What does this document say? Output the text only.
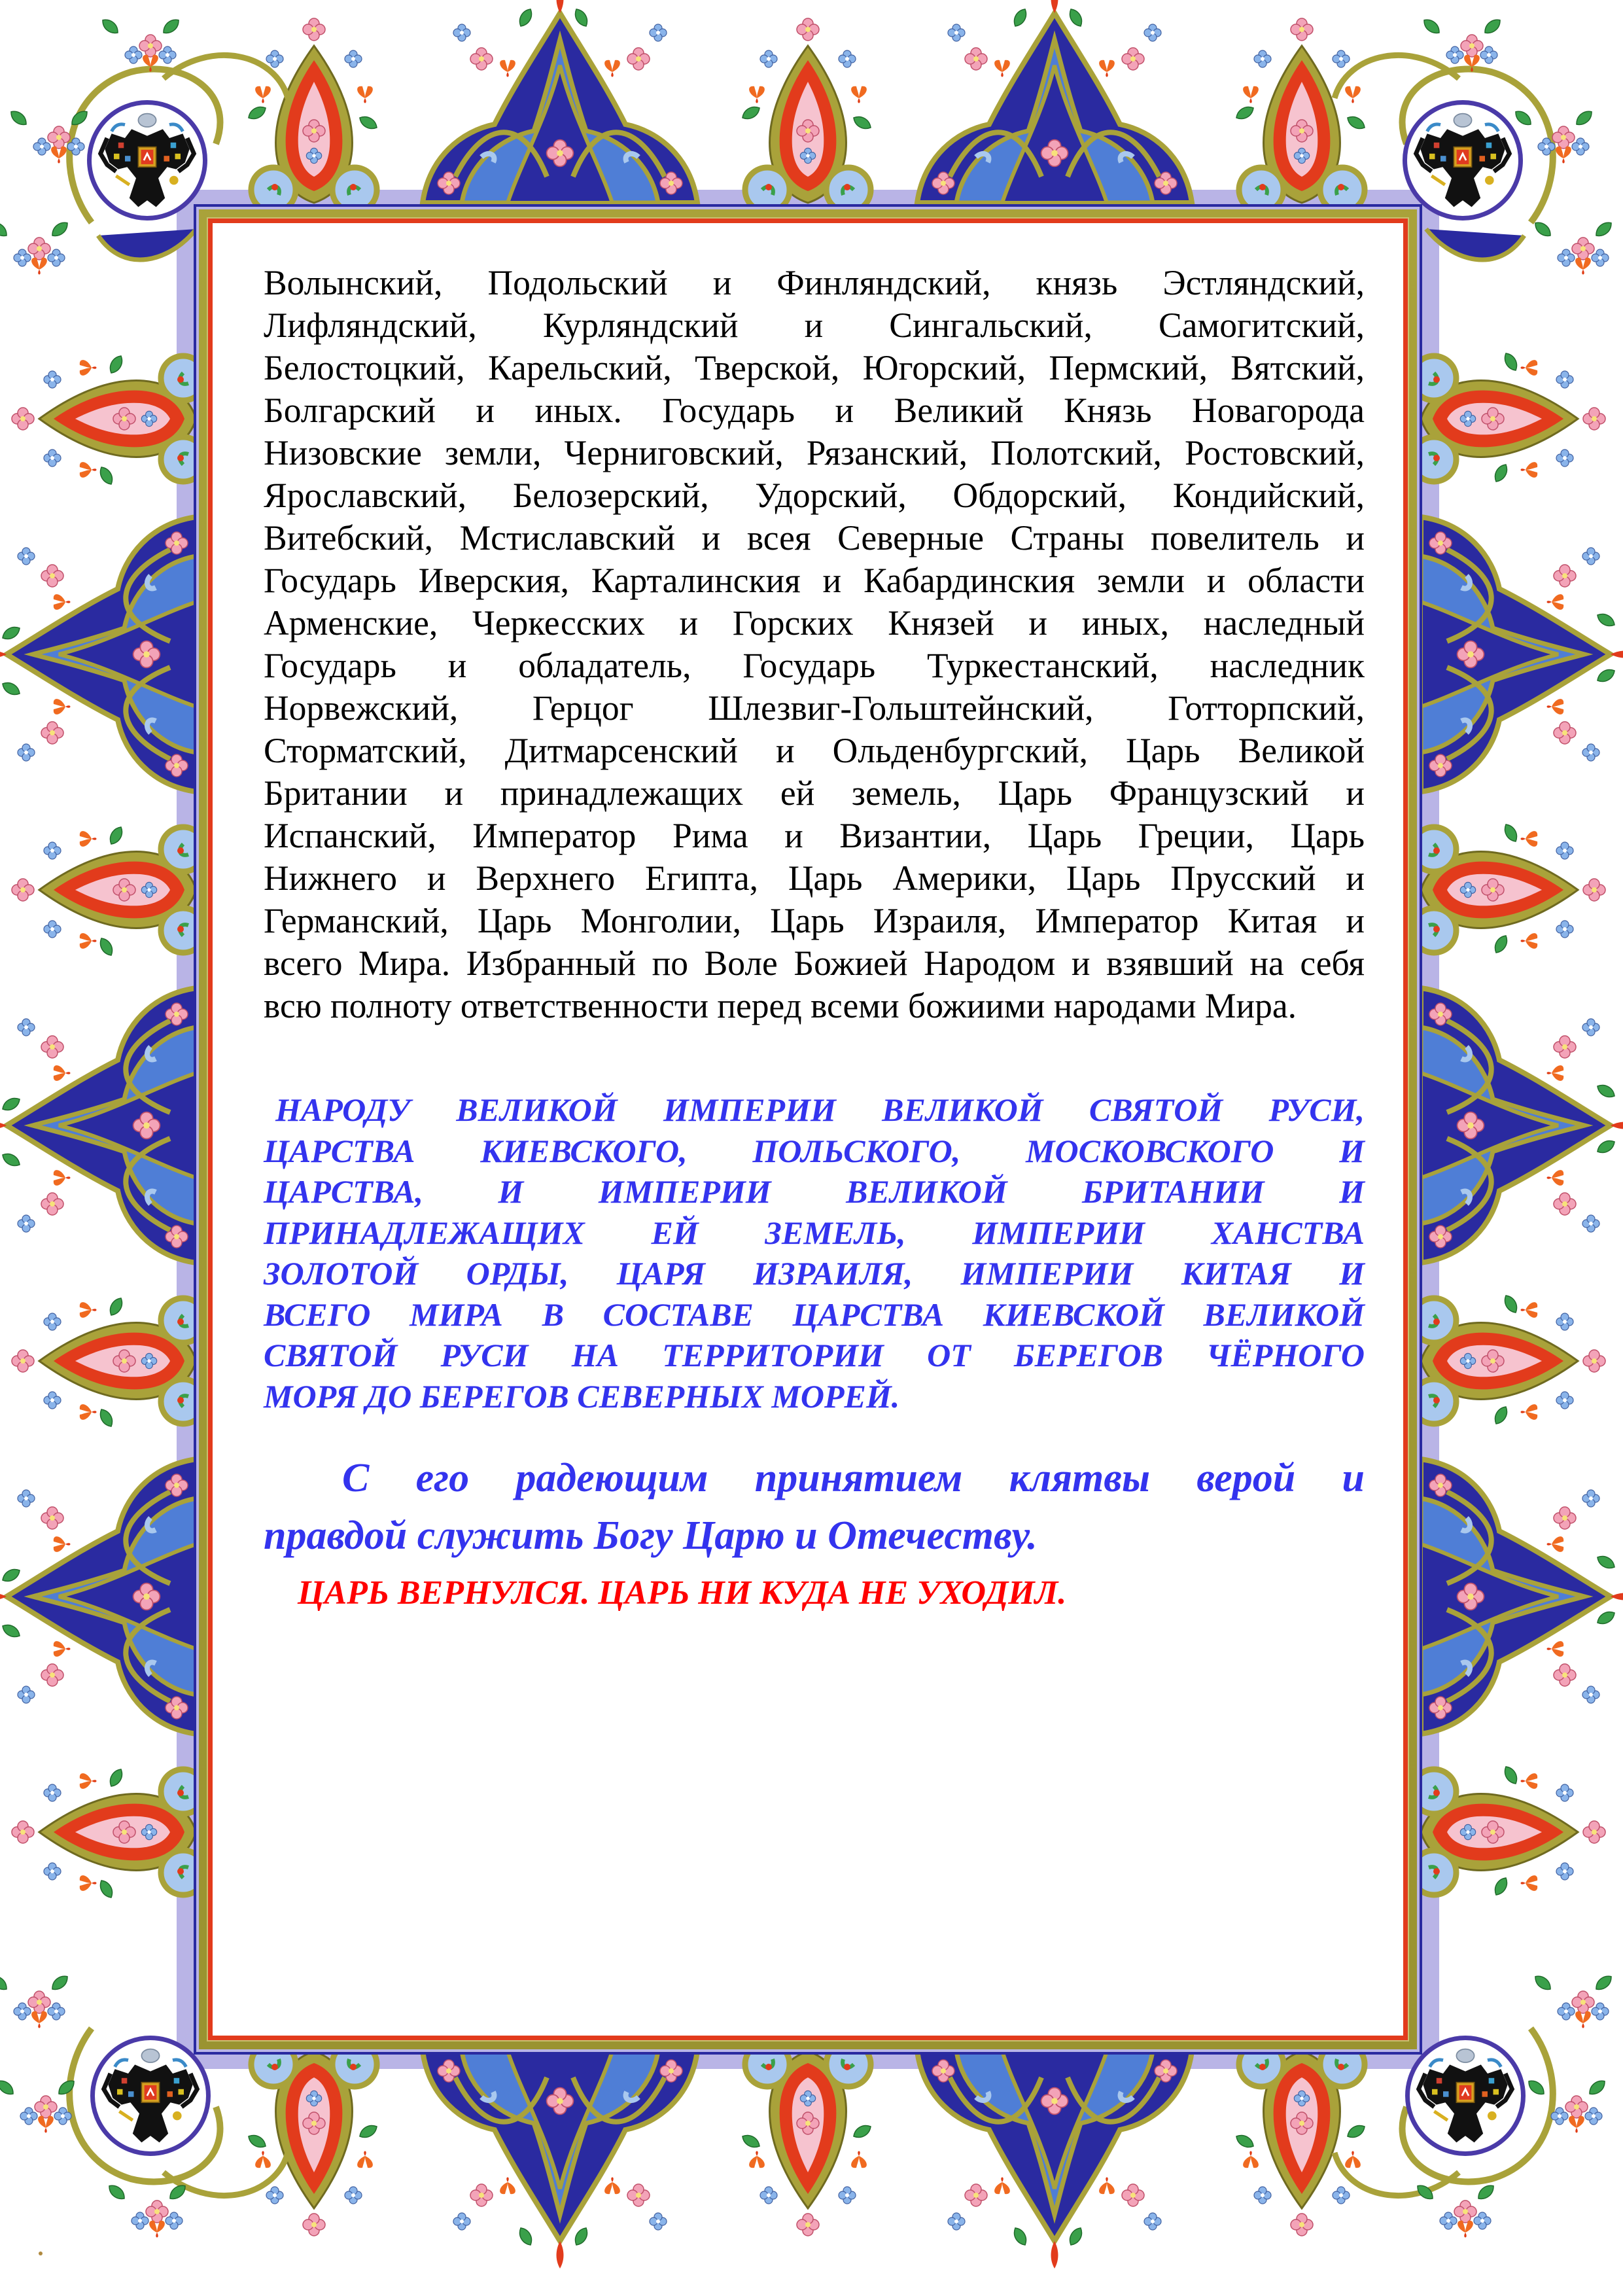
Волынский, Подольский и Финляндский, князь Эстляндский,
Лифляндский, Курляндский и Сингальский, Самогитский,
Белостоцкий, Карельский, Тверской, Югорский, Пермский, Вятский,
Болгарский и иных. Государь и Великий Князь Новагорода
Низовские земли, Черниговский, Рязанский, Полотский, Ростовский,
Ярославский, Белозерский, Удорский, Обдорский, Кондийский,
Витебский, Мстиславский и всея Северные Страны повелитель и
Государь Иверския, Карталинския и Кабардинския земли и области
Арменские, Черкесских и Горских Князей и иных, наследный
Государь и обладатель, Государь Туркестанский, наследник
Норвежский, Герцог Шлезвиг-Гольштейнский, Готторпский,
Сторматский, Дитмарсенский и Ольденбургский, Царь Великой
Британии и принадлежащих ей земель, Царь Французский и
Испанский, Император Рима и Византии, Царь Греции, Царь
Нижнего и Верхнего Египта, Царь Америки, Царь Прусский и
Германский, Царь Монголии, Царь Израиля, Император Китая и
всего Мира. Избранный по Воле Божией Народом и взявший на себя
всю полноту ответственности перед всеми божиими народами Мира.

НАРОДУ ВЕЛИКОЙ ИМПЕРИИ ВЕЛИКОЙ СВЯТОЙ РУСИ,
ЦАРСТВА КИЕВСКОГО, ПОЛЬСКОГО, МОСКОВСКОГО И
ЦАРСТВА, И ИМПЕРИИ ВЕЛИКОЙ БРИТАНИИ И
ПРИНАДЛЕЖАЩИХ ЕЙ ЗЕМЕЛЬ, ИМПЕРИИ ХАНСТВА
ЗОЛОТОЙ ОРДЫ, ЦАРЯ ИЗРАИЛЯ, ИМПЕРИИ КИТАЯ И
ВСЕГО МИРА В СОСТАВЕ ЦАРСТВА КИЕВСКОЙ ВЕЛИКОЙ
СВЯТОЙ РУСИ НА ТЕРРИТОРИИ ОТ БЕРЕГОВ ЧЁРНОГО
МОРЯ ДО БЕРЕГОВ СЕВЕРНЫХ МОРЕЙ.
С его радеющим принятием клятвы верой и
правдой служить Богу Царю и Отечеству.
ЦАРЬ ВЕРНУЛСЯ. ЦАРЬ НИ КУДА НЕ УХОДИЛ.
